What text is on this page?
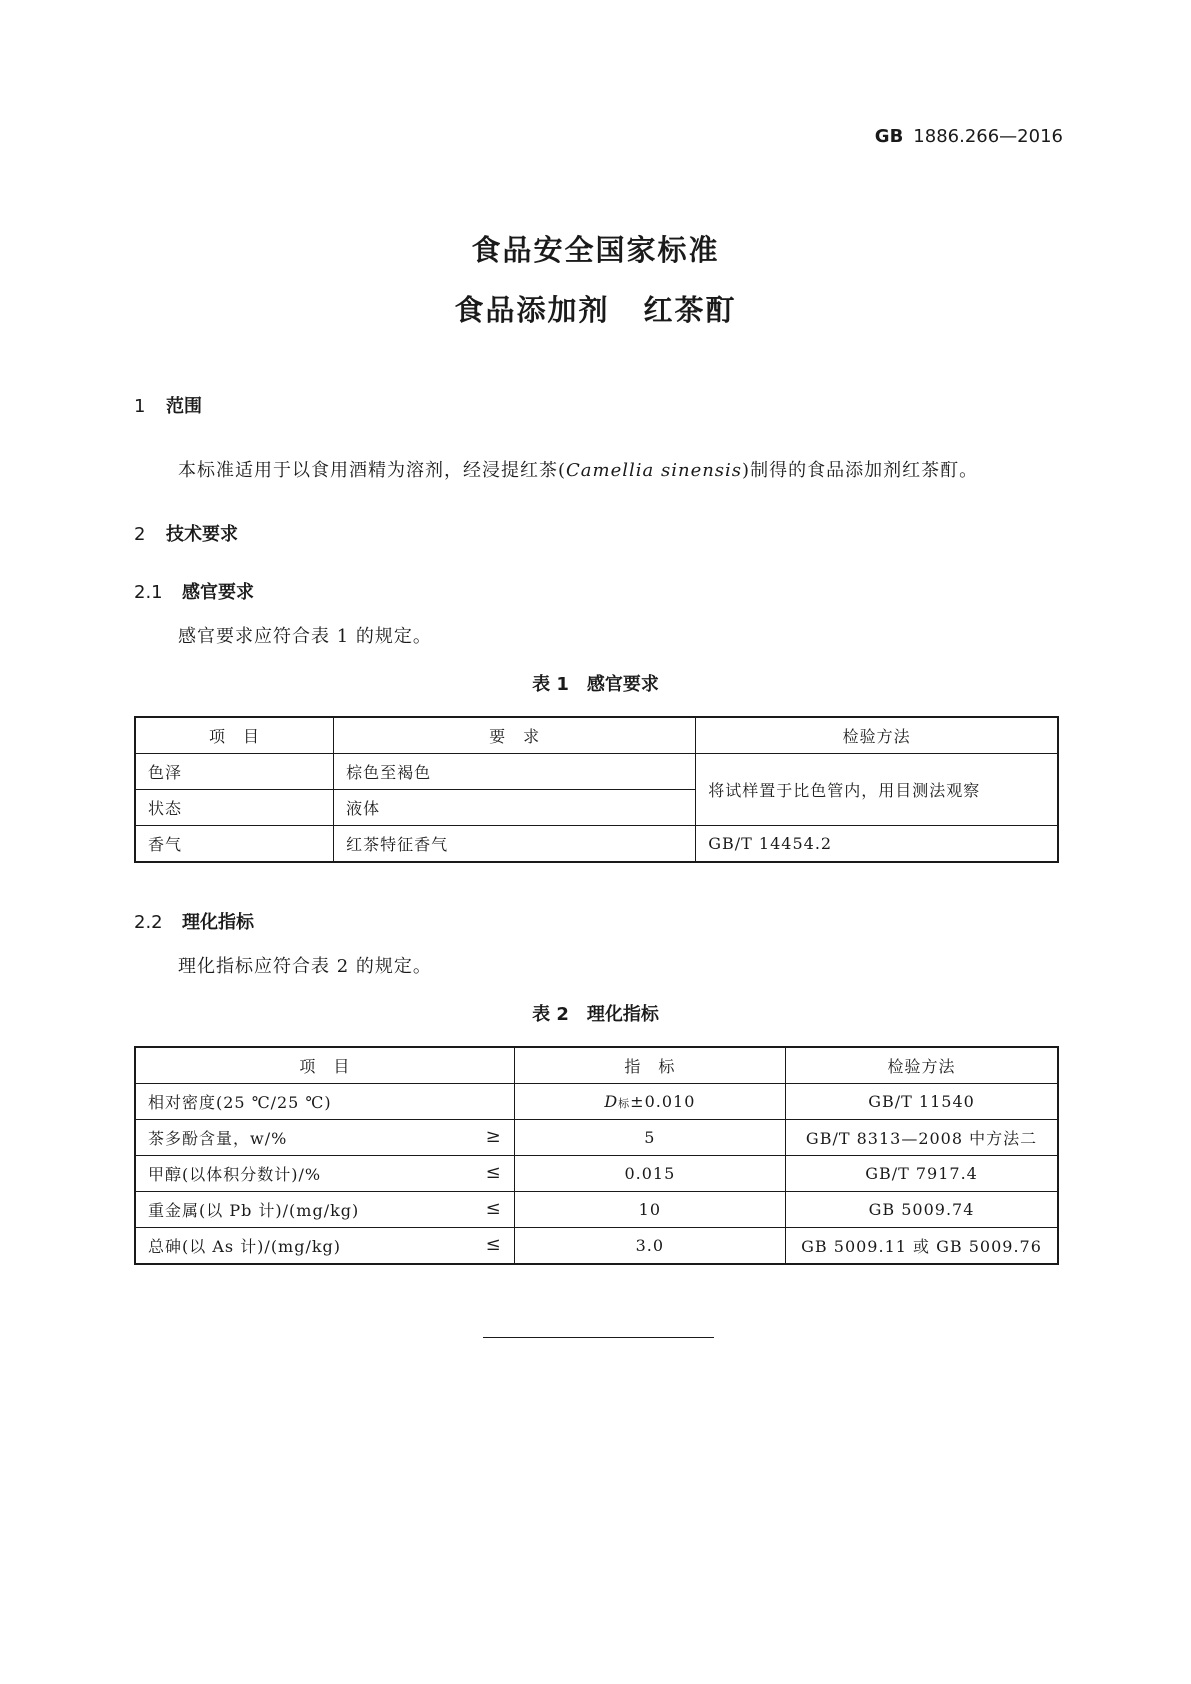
GB 1886.266—2016
食品安全国家标准
食品添加剂 红茶酊
1 范围
本标准适用于以食用酒精为溶剂，经浸提红茶(Camellia sinensis)制得的食品添加剂红茶酊。
2 技术要求
2.1 感官要求
感官要求应符合表 1 的规定。
表 1 感官要求
项　目	要　求	检验方法
色泽	棕色至褐色	将试样置于比色管内，用目测法观察
状态	液体	
香气	红茶特征香气	GB/T 14454.2
2.2 理化指标
理化指标应符合表 2 的规定。
表 2 理化指标
项　目	指　标	检验方法
相对密度(25 ℃/25 ℃)	D标±0.010	GB/T 11540
茶多酚含量，w/% ≥	5	GB/T 8313—2008 中方法二
甲醇(以体积分数计)/% ≤	0.015	GB/T 7917.4
重金属(以 Pb 计)/(mg/kg) ≤	10	GB 5009.74
总砷(以 As 计)/(mg/kg) ≤	3.0	GB 5009.11 或 GB 5009.76
